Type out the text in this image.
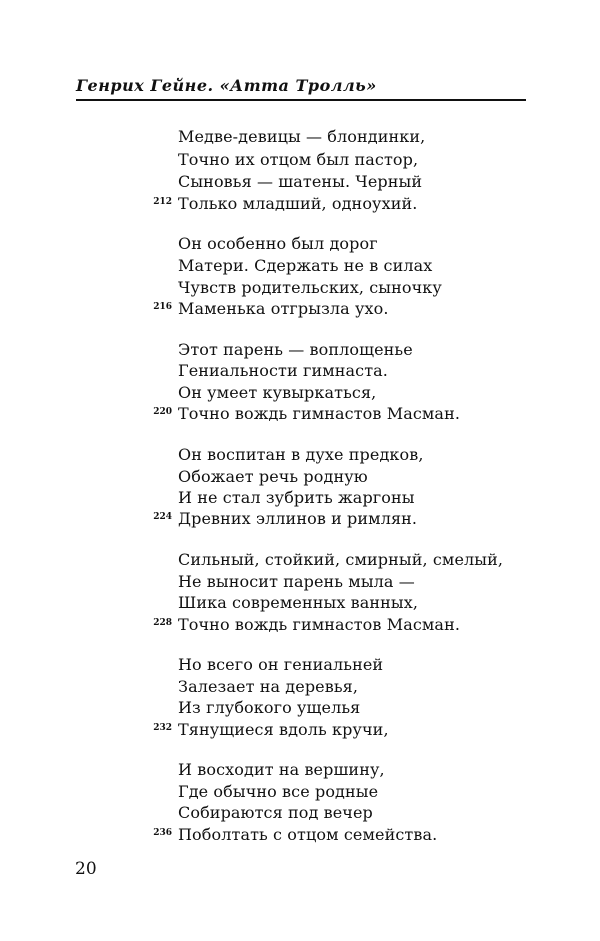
Генрих Гейне. «Атта Тролль»
Медве-девицы — блондинки,
Точно их отцом был пастор,
Сыновья — шатены. Черный
Только младший, одноухий.
212
Он особенно был дорог
Матери. Сдержать не в силах
Чувств родительских, сыночку
Маменька отгрызла ухо.
216
Этот парень — воплощенье
Гениальности гимнаста.
Он умеет кувыркаться,
Точно вождь гимнастов Масман.
220
Он воспитан в духе предков,
Обожает речь родную
И не стал зубрить жаргоны
Древних эллинов и римлян.
224
Сильный, стойкий, смирный, смелый,
Не выносит парень мыла —
Шика современных ванных,
Точно вождь гимнастов Масман.
228
Но всего он гениальней
Залезает на деревья,
Из глубокого ущелья
Тянущиеся вдоль кручи,
232
И восходит на вершину,
Где обычно все родные
Собираются под вечер
Поболтать с отцом семейства.
236
20
